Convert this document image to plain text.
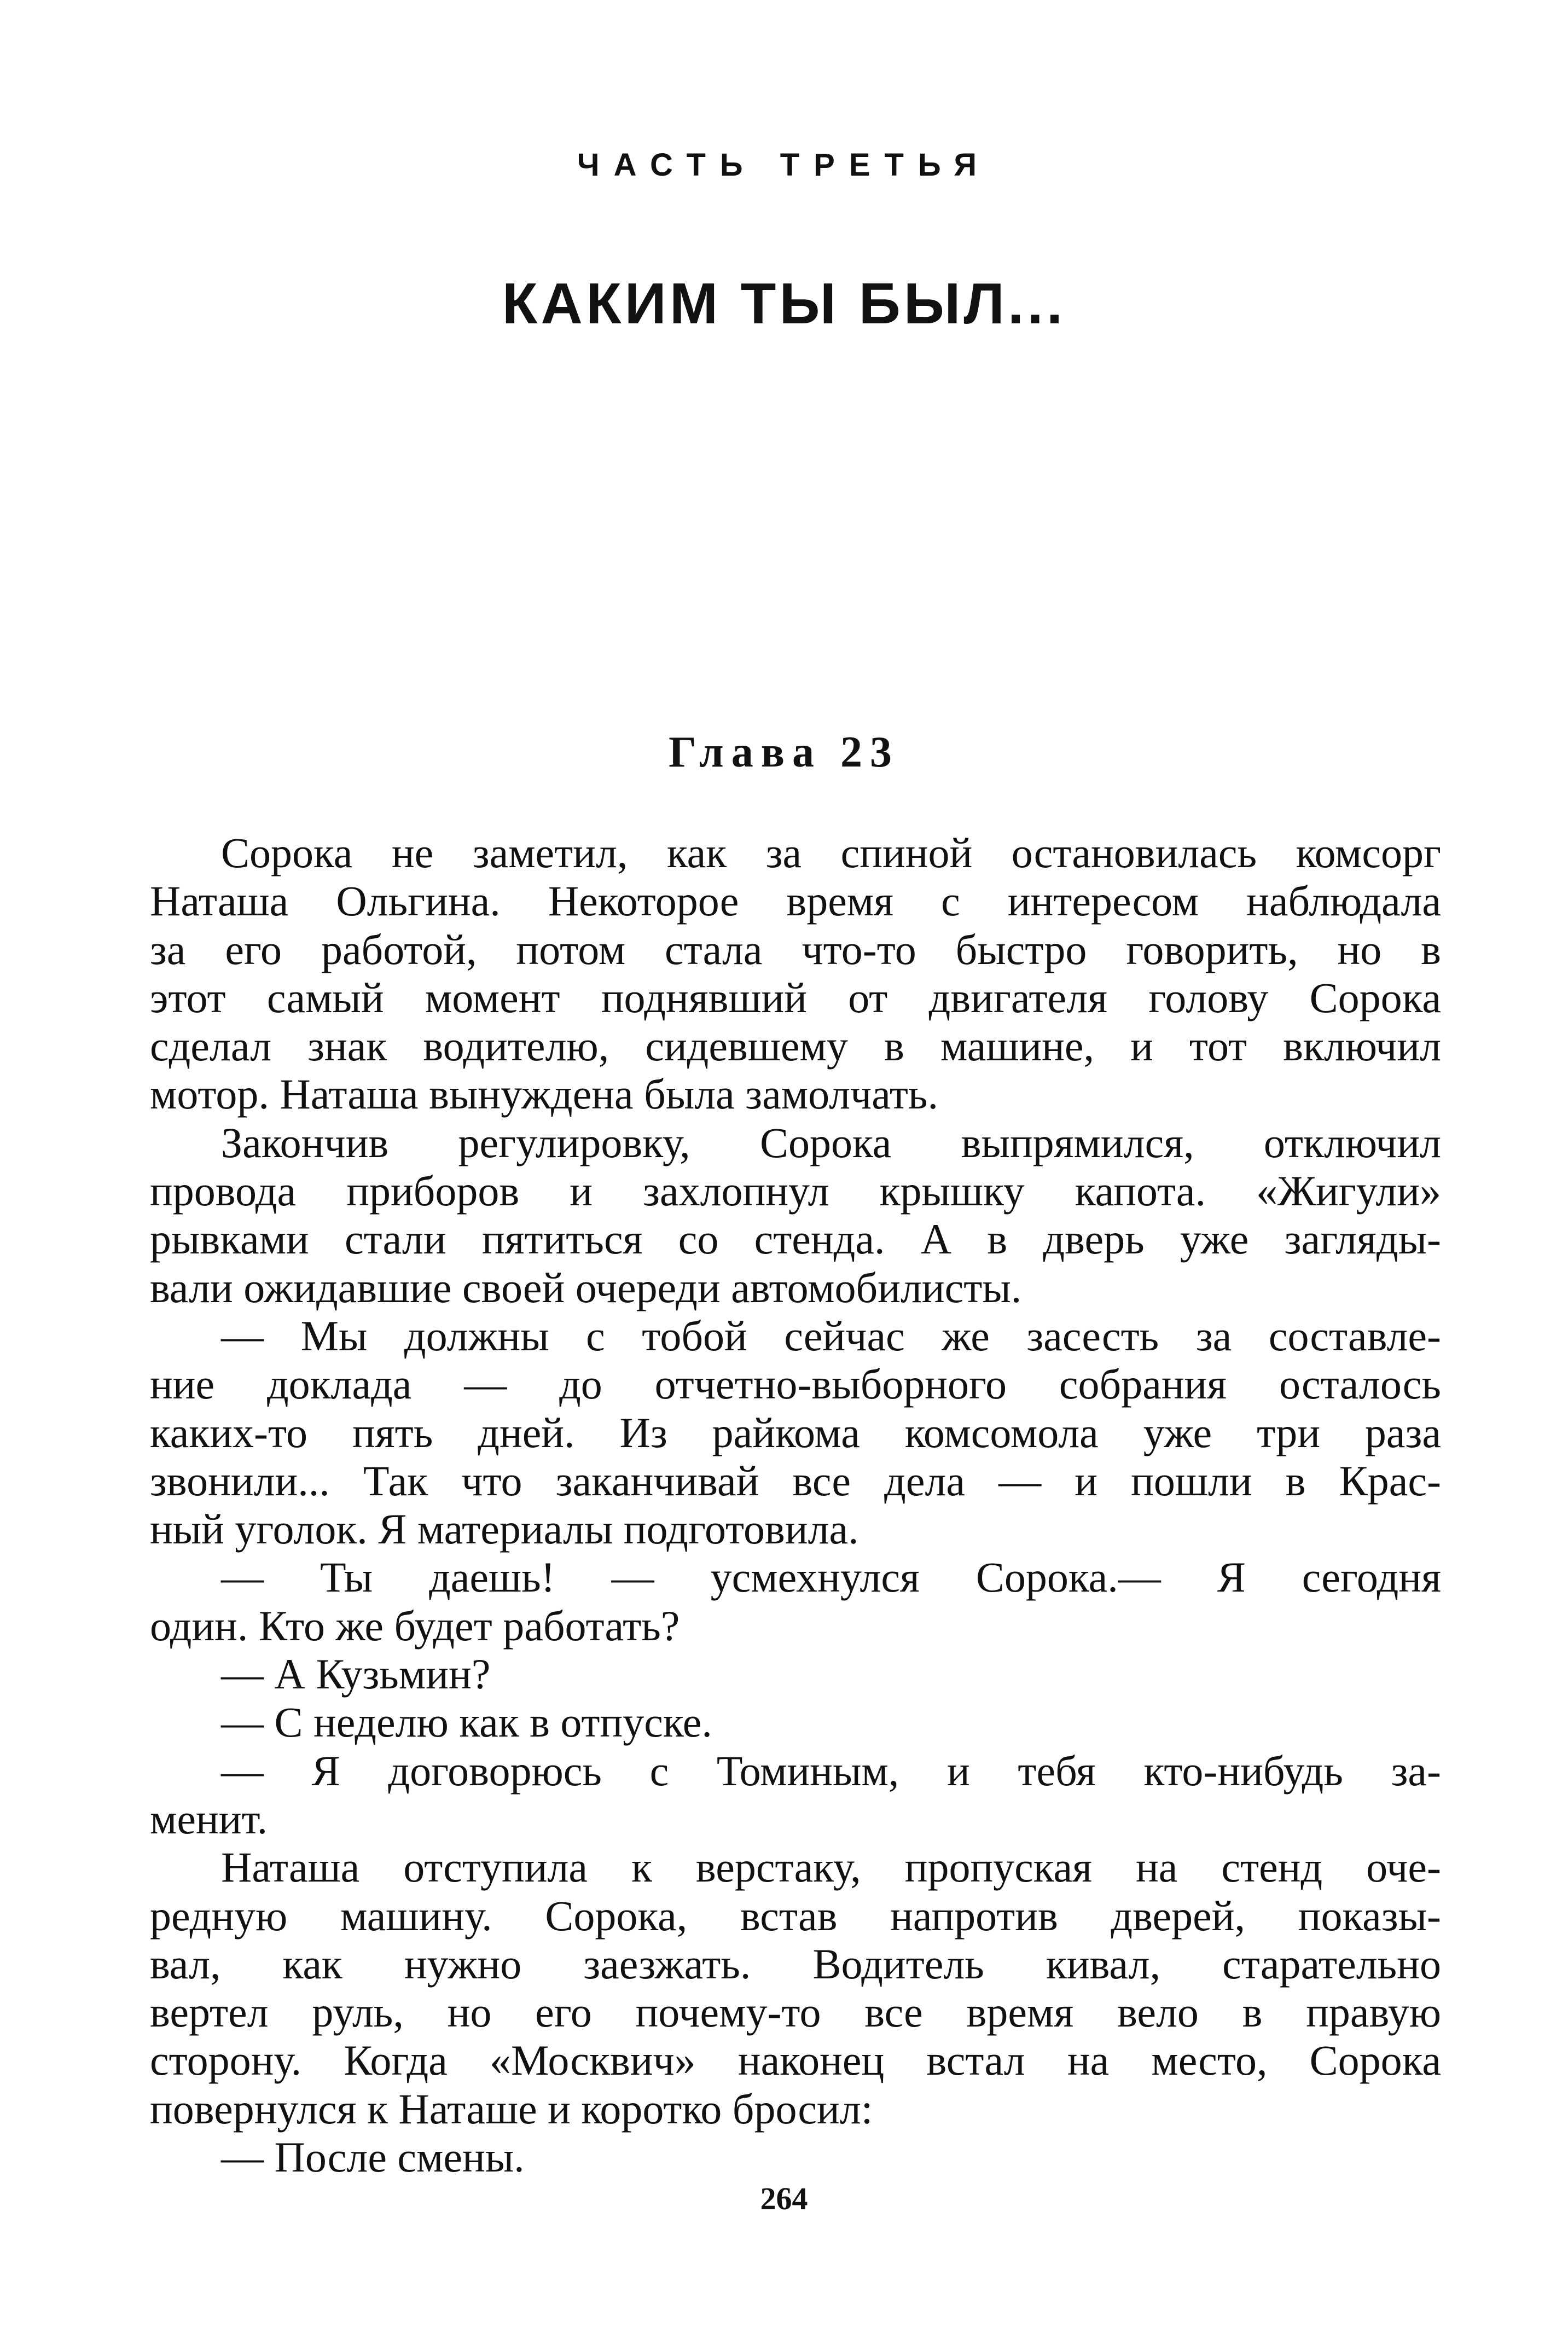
ЧАСТЬ ТРЕТЬЯ
КАКИМ ТЫ БЫЛ...
Глава 23
Сорока не заметил, как за спиной остановилась комсорг
Наташа Ольгина. Некоторое время с интересом наблюдала
за его работой, потом стала что-то быстро говорить, но в
этот самый момент поднявший от двигателя голову Сорока
сделал знак водителю, сидевшему в машине, и тот включил
мотор. Наташа вынуждена была замолчать.
Закончив регулировку, Сорока выпрямился, отключил
провода приборов и захлопнул крышку капота. «Жигули»
рывками стали пятиться со стенда. А в дверь уже загляды-
вали ожидавшие своей очереди автомобилисты.
— Мы должны с тобой сейчас же засесть за составле-
ние доклада — до отчетно-выборного собрания осталось
каких-то пять дней. Из райкома комсомола уже три раза
звонили... Так что заканчивай все дела — и пошли в Крас-
ный уголок. Я материалы подготовила.
— Ты даешь! — усмехнулся Сорока.— Я сегодня
один. Кто же будет работать?
— А Кузьмин?
— С неделю как в отпуске.
— Я договорюсь с Томиным, и тебя кто-нибудь за-
менит.
Наташа отступила к верстаку, пропуская на стенд оче-
редную машину. Сорока, встав напротив дверей, показы-
вал, как нужно заезжать. Водитель кивал, старательно
вертел руль, но его почему-то все время вело в правую
сторону. Когда «Москвич» наконец встал на место, Сорока
повернулся к Наташе и коротко бросил:
— После смены.
264
